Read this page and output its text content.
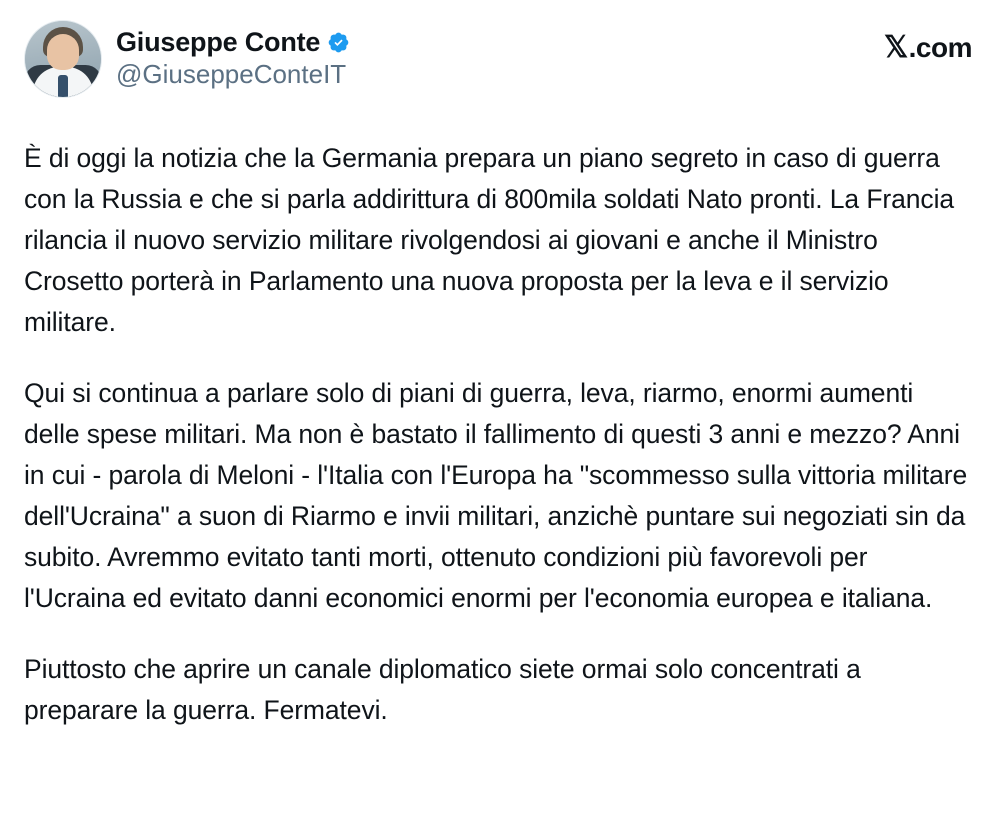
Giuseppe Conte
@GiuseppeConteIT
𝕏 .com

È di oggi la notizia che la Germania prepara un piano segreto in caso di guerra con la Russia e che si parla addirittura di 800mila soldati Nato pronti. La Francia rilancia il nuovo servizio militare rivolgendosi ai giovani e anche il Ministro Crosetto porterà in Parlamento una nuova proposta per la leva e il servizio militare.

Qui si continua a parlare solo di piani di guerra, leva, riarmo, enormi aumenti delle spese militari. Ma non è bastato il fallimento di questi 3 anni e mezzo? Anni in cui - parola di Meloni - l'Italia con l'Europa ha "scommesso sulla vittoria militare dell'Ucraina" a suon di Riarmo e invii militari, anzichè puntare sui negoziati sin da subito. Avremmo evitato tanti morti, ottenuto condizioni più favorevoli per l'Ucraina ed evitato danni economici enormi per l'economia europea e italiana.

Piuttosto che aprire un canale diplomatico siete ormai solo concentrati a preparare la guerra. Fermatevi.
